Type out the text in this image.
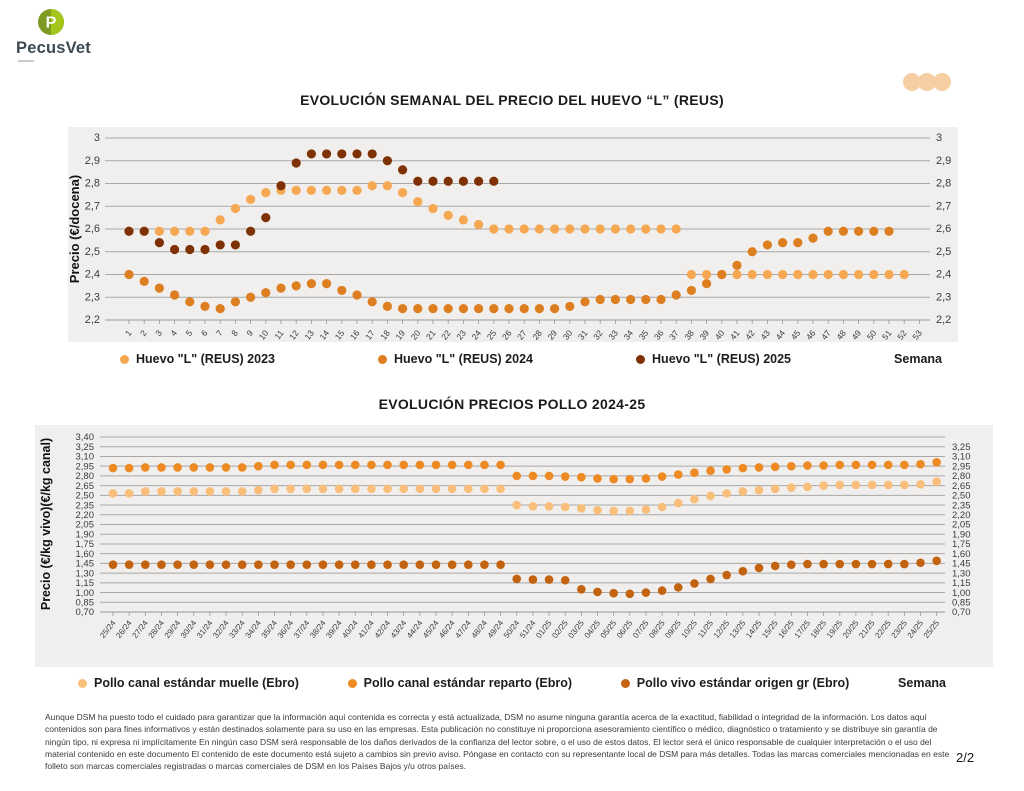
P
PecusVet
EVOLUCIÓN SEMANAL DEL PRECIO DEL HUEVO “L” (REUS)
3
2,9
2,8
2,7
2,6
2,5
2,4
2,3
2,2
3
2,9
2,8
2,7
2,6
2,5
2,4
2,3
2,2
1 2 3 4 5 6 7 8 9 10 11 12 13 14 15 16 17 18 19 20 21 22 23 24 25 26 27 28 29 30 31 32 33 34 35 36 37 38 39 40 41 42 43 44 45 46 47 48 49 50 51 52 53
Precio (€/docena)
Huevo "L" (REUS) 2023	Huevo "L" (REUS) 2024	Huevo "L" (REUS) 2025	Semana
EVOLUCIÓN PRECIOS POLLO 2024-25
3,40
3,25
3,10
2,95
2,80
2,65
2,50
2,35
2,20
2,05
1,90
1,75
1,60
1,45
1,30
1,15
1,00
0,85
0,70
3,25
3,10
2,95
2,80
2,65
2,50
2,35
2,20
2,05
1,90
1,75
1,60
1,45
1,30
1,15
1,00
0,85
0,70
25/24
26/24
27/24
28/24
29/24
30/24
31/24
32/24
33/24
34/24
35/24
36/24
37/24
38/24
39/24
40/24
41/24
42/24
43/24
44/24
45/24
46/24
47/24
48/24
49/24
50/24
51/24
01/25
02/25
03/25
04/25
05/25
06/25
07/25
08/25
09/25
10/25
11/25
12/25
13/25
14/25
15/25
16/25
17/25
18/25
19/25
20/25
21/25
22/25
23/25
24/25
25/25
Precio (€/kg vivo)(€/kg canal)
Pollo canal estándar muelle (Ebro)	Pollo canal estándar reparto (Ebro)	Pollo vivo estándar origen gr (Ebro)	Semana
Aunque DSM ha puesto todo el cuidado para garantizar que la información aquí contenida es correcta y está actualizada, DSM no asume ninguna garantía acerca de la exactitud, fiabilidad o integridad de la información. Los datos aquí contenidos son para fines informativos y están destinados solamente para su uso en las empresas. Esta publicación no constituye ni proporciona asesoramiento científico o médico, diagnóstico o tratamiento y se distribuye sin garantía de ningún tipo, ni expresa ni implícitamente En ningún caso DSM será responsable de los daños derivados de la confianza del lector sobre, o el uso de estos datos. El lector será el único responsable de cualquier interpretación o el uso del material contenido en este documento El contenido de este documento está sujeto a cambios sin previo aviso. Póngase en contacto con su representante local de DSM para más detalles. Todas las marcas comerciales mencionadas en este folleto son marcas comerciales registradas o marcas comerciales de DSM en los Países Bajos y/u otros países.
2/2
